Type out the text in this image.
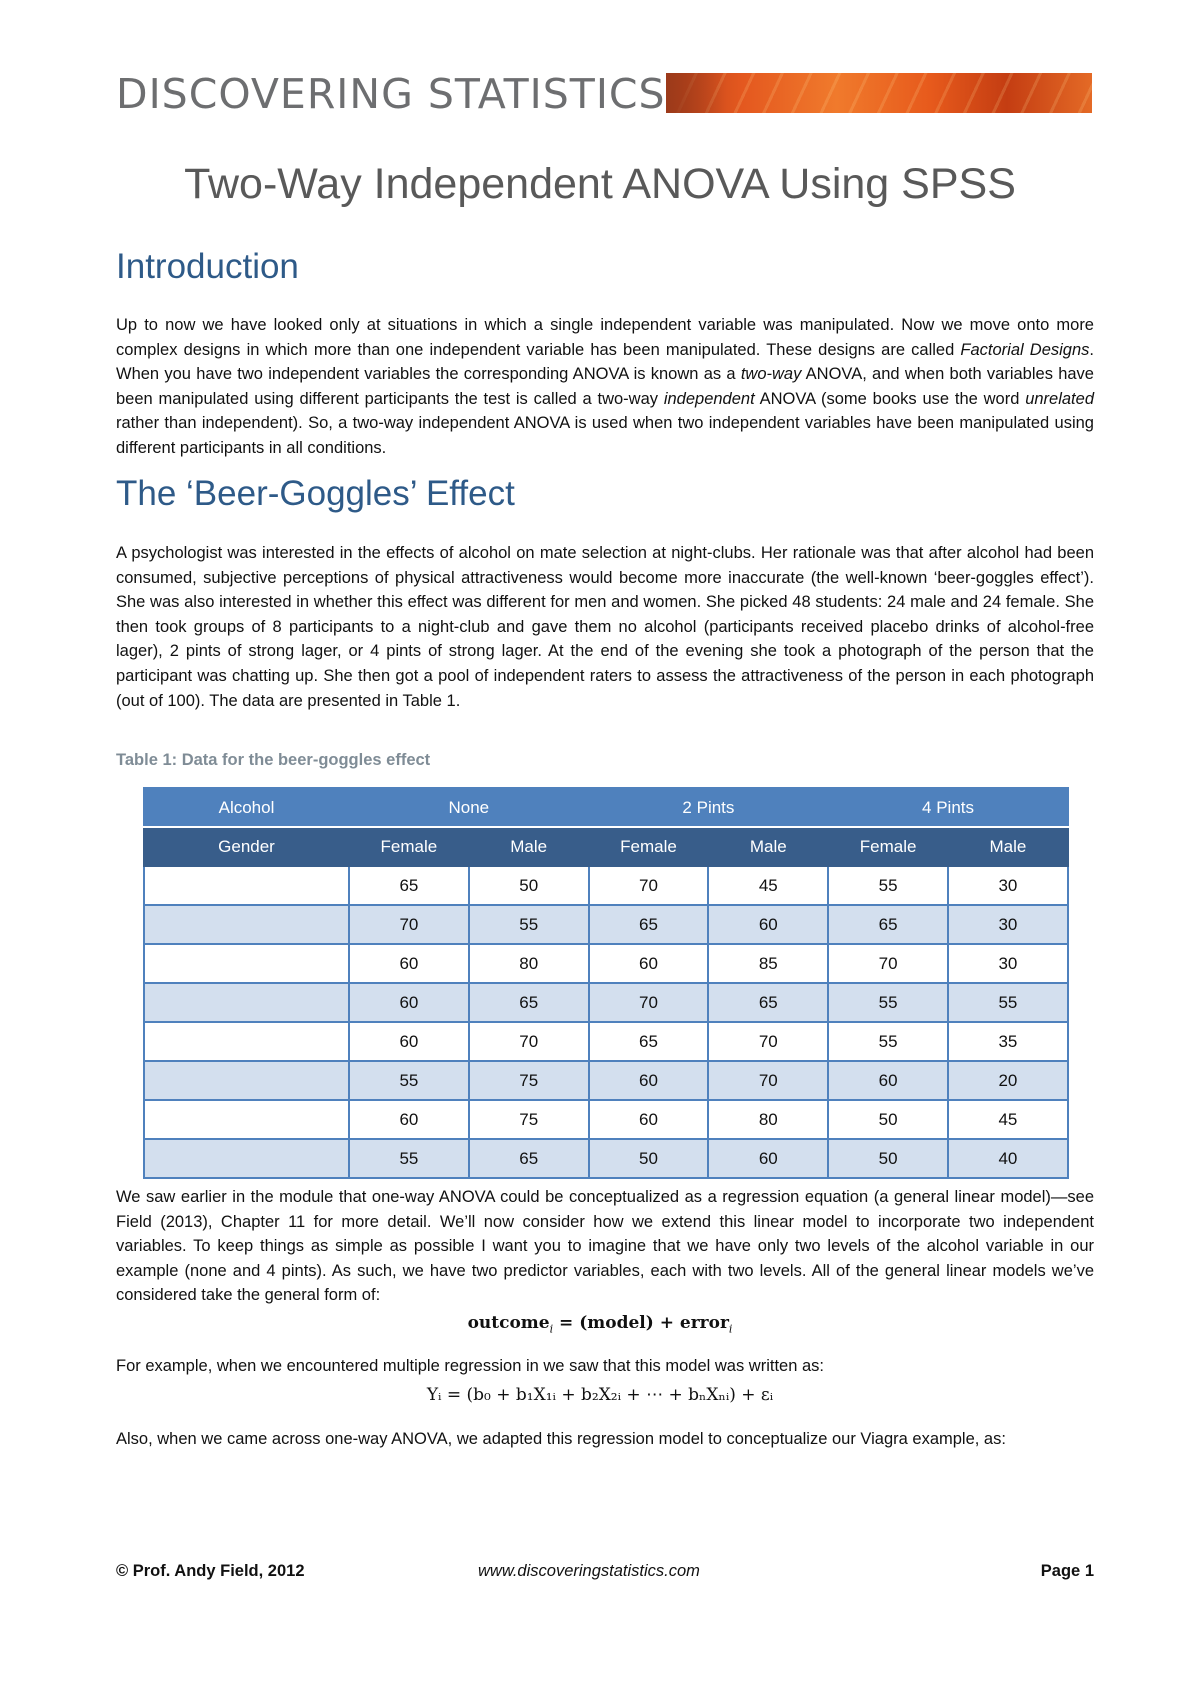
DISCOVERING STATISTICS
Two-Way Independent ANOVA Using SPSS
Introduction

Up to now we have looked only at situations in which a single independent variable was manipulated. Now we move onto more complex designs in which more than one independent variable has been manipulated. These designs are called Factorial Designs. When you have two independent variables the corresponding ANOVA is known as a two-way ANOVA, and when both variables have been manipulated using different participants the test is called a two-way independent ANOVA (some books use the word unrelated rather than independent). So, a two-way independent ANOVA is used when two independent variables have been manipulated using different participants in all conditions.

The ‘Beer-Goggles’ Effect

A psychologist was interested in the effects of alcohol on mate selection at night-clubs. Her rationale was that after alcohol had been consumed, subjective perceptions of physical attractiveness would become more inaccurate (the well-known ‘beer-goggles effect’). She was also interested in whether this effect was different for men and women. She picked 48 students: 24 male and 24 female. She then took groups of 8 participants to a night-club and gave them no alcohol (participants received placebo drinks of alcohol-free lager), 2 pints of strong lager, or 4 pints of strong lager. At the end of the evening she took a photograph of the person that the participant was chatting up. She then got a pool of independent raters to assess the attractiveness of the person in each photograph (out of 100). The data are presented in Table 1.

Table 1: Data for the beer-goggles effect
Alcohol	None		2 Pints		4 Pints	
Gender	Female	Male	Female	Male	Female	Male
	65	50	70	45	55	30
	70	55	65	60	65	30
	60	80	60	85	70	30
	60	65	70	65	55	55
	60	70	65	70	55	35
	55	75	60	70	60	20
	60	75	60	80	50	45
	55	65	50	60	50	40

We saw earlier in the module that one-way ANOVA could be conceptualized as a regression equation (a general linear model)—see Field (2013), Chapter 11 for more detail. We’ll now consider how we extend this linear model to incorporate two independent variables. To keep things as simple as possible I want you to imagine that we have only two levels of the alcohol variable in our example (none and 4 pints). As such, we have two predictor variables, each with two levels. All of the general linear models we’ve considered take the general form of:

outcome$_i$ = (model) + error$_i$

For example, when we encountered multiple regression in we saw that this model was written as:

Yᵢ = (b₀ + b₁X₁ᵢ + b₂X₂ᵢ + ⋯ + bₙXₙᵢ) + εᵢ

Also, when we came across one-way ANOVA, we adapted this regression model to conceptualize our Viagra example, as:

© Prof. Andy Field, 2012	www.discoveringstatistics.com	Page 1
